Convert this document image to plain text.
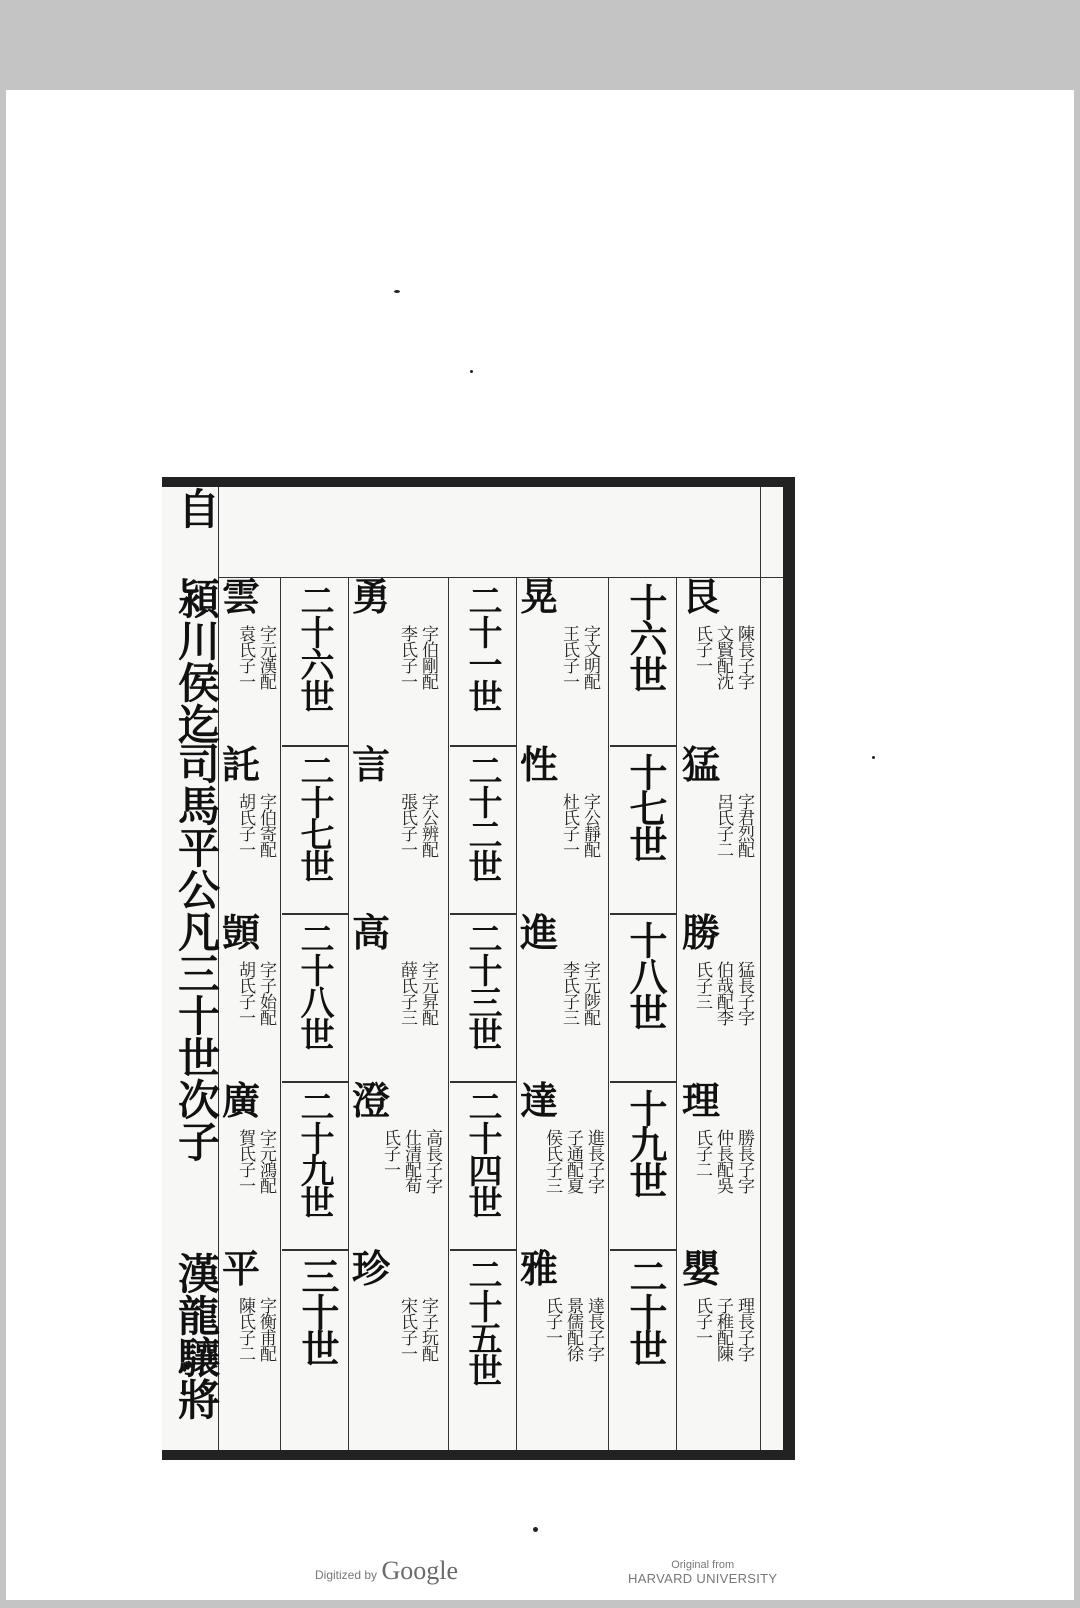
自
潁川侯迄
司馬平公凡三十世次子
漢龍驤將
艮
陳長子字
文賢配沈
氏子一
猛
字君烈配
呂氏子二
勝
猛長子字
伯哉配李
氏子三
理
勝長子字
仲長配吳
氏子二
嬰
理長子字
子稚配陳
氏子一
十六世
十七世
十八世
十九世
二十世
晃
字文明配
王氏子一
性
字公靜配
杜氏子一
進
字元陟配
李氏子三
達
進長子字
子通配夏
侯氏子三
雅
達長子字
景儒配徐
氏子一
二十一世
二十二世
二十三世
二十四世
二十五世
勇
字伯剛配
李氏子一
言
字公辨配
張氏子一
高
字元昇配
薛氏子三
澄
高長子字
仕清配荀
氏子一
珍
字子玩配
宋氏子一
二十六世
二十七世
二十八世
二十九世
三十世
雲
字元漢配
袁氏子一
託
字伯寄配
胡氏子一
顗
字子始配
胡氏子一
廣
字元鴻配
賀氏子一
平
字衡甫配
陳氏子二
Digitized by Google	Original from
HARVARD UNIVERSITY
